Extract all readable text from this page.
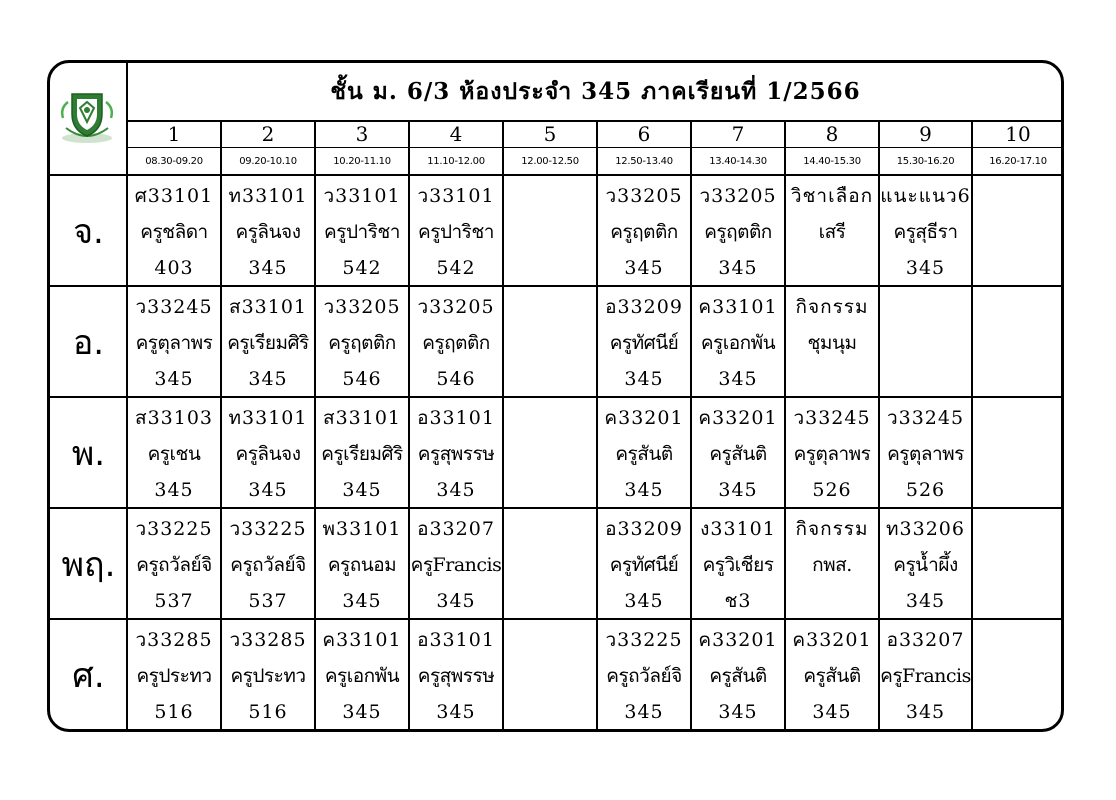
ชั้น ม. 6/3 ห้องประจำ 345 ภาคเรียนที่ 1/2566
1
08.30-09.20
2
09.20-10.10
3
10.20-11.10
4
11.10-12.00
5
12.00-12.50
6
12.50-13.40
7
13.40-14.30
8
14.40-15.30
9
15.30-16.20
10
16.20-17.10
จ.
ศ33101
ครูชลิดา
403
ท33101
ครูลินจง
345
ว33101
ครูปาริชา
542
ว33101
ครูปาริชา
542
ว33205
ครูฤตติก
345
ว33205
ครูฤตติก
345
วิชาเลือก
เสรี
แนะแนว6
ครูสุธีรา
345
อ.
ว33245
ครูตุลาพร
345
ส33101
ครูเรียมศิริ
345
ว33205
ครูฤตติก
546
ว33205
ครูฤตติก
546
อ33209
ครูทัศนีย์
345
ค33101
ครูเอกพัน
345
กิจกรรม
ชุมนุม
พ.
ส33103
ครูเชน
345
ท33101
ครูลินจง
345
ส33101
ครูเรียมศิริ
345
อ33101
ครูสุพรรษ
345
ค33201
ครูสันติ
345
ค33201
ครูสันติ
345
ว33245
ครูตุลาพร
526
ว33245
ครูตุลาพร
526
พฤ.
ว33225
ครูถวัลย์จิ
537
ว33225
ครูถวัลย์จิ
537
พ33101
ครูถนอม
345
อ33207
ครูFrancis
345
อ33209
ครูทัศนีย์
345
ง33101
ครูวิเชียร
ช3
กิจกรรม
กพส.
ท33206
ครูน้ำผึ้ง
345
ศ.
ว33285
ครูประทว
516
ว33285
ครูประทว
516
ค33101
ครูเอกพัน
345
อ33101
ครูสุพรรษ
345
ว33225
ครูถวัลย์จิ
345
ค33201
ครูสันติ
345
ค33201
ครูสันติ
345
อ33207
ครูFrancis
345
